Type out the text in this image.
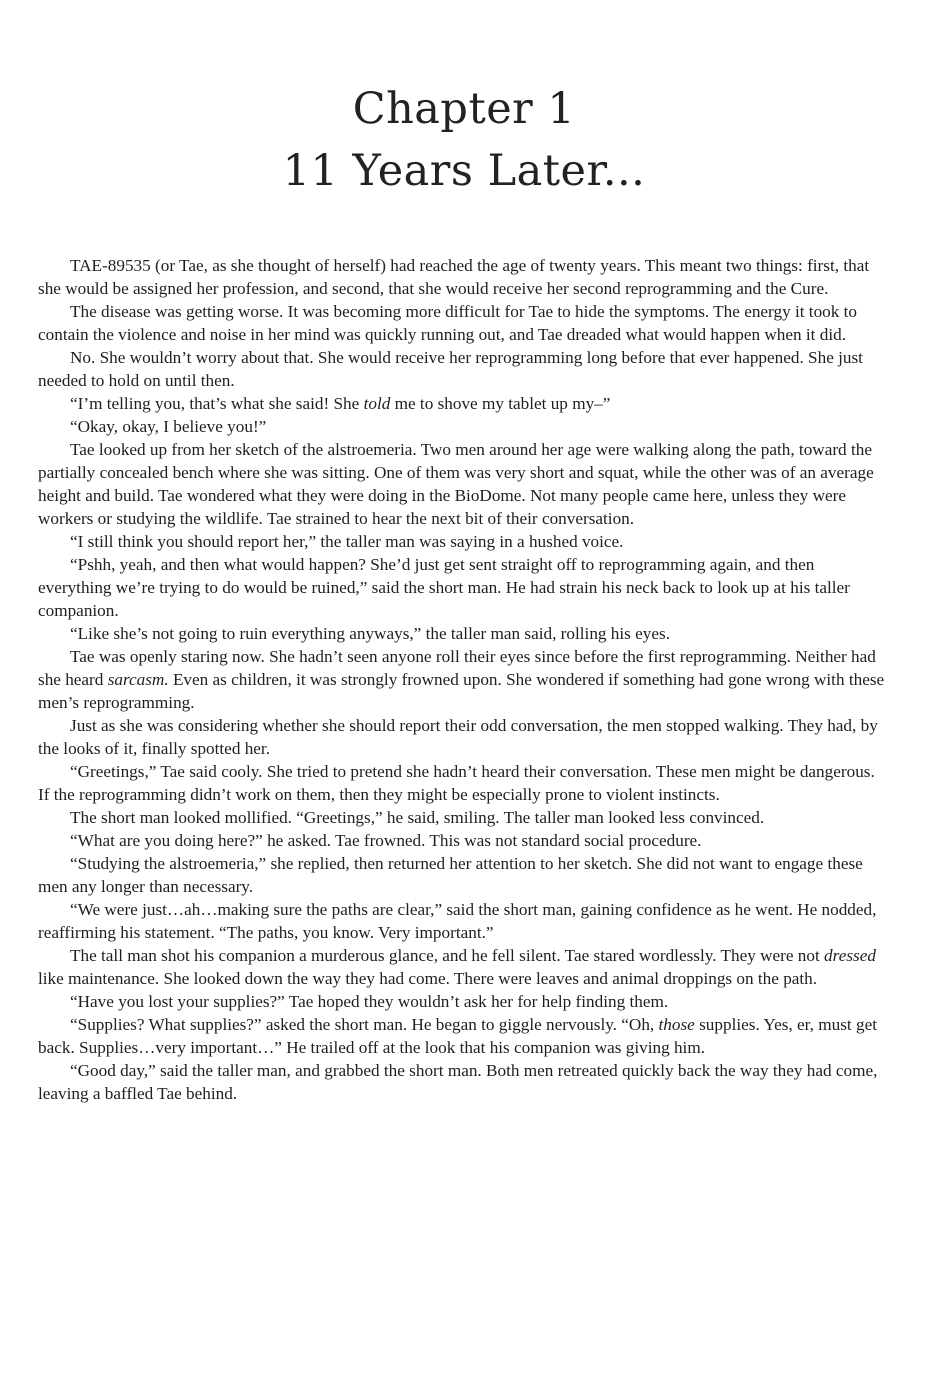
Chapter 1
11 Years Later...

TAE-89535 (or Tae, as she thought of herself) had reached the age of twenty years. This meant two things: first, that she would be assigned her profession, and second, that she would receive her second reprogramming and the Cure.

The disease was getting worse. It was becoming more difficult for Tae to hide the symptoms. The energy it took to contain the violence and noise in her mind was quickly running out, and Tae dreaded what would happen when it did.

No. She wouldn’t worry about that. She would receive her reprogramming long before that ever happened. She just needed to hold on until then.

“I’m telling you, that’s what she said! She told me to shove my tablet up my–”

“Okay, okay, I believe you!”

Tae looked up from her sketch of the alstroemeria. Two men around her age were walking along the path, toward the partially concealed bench where she was sitting. One of them was very short and squat, while the other was of an average height and build. Tae wondered what they were doing in the BioDome. Not many people came here, unless they were workers or studying the wildlife. Tae strained to hear the next bit of their conversation.

“I still think you should report her,” the taller man was saying in a hushed voice.

“Pshh, yeah, and then what would happen? She’d just get sent straight off to reprogramming again, and then everything we’re trying to do would be ruined,” said the short man. He had strain his neck back to look up at his taller companion.

“Like she’s not going to ruin everything anyways,” the taller man said, rolling his eyes.

Tae was openly staring now. She hadn’t seen anyone roll their eyes since before the first reprogramming. Neither had she heard sarcasm. Even as children, it was strongly frowned upon. She wondered if something had gone wrong with these men’s reprogramming.

Just as she was considering whether she should report their odd conversation, the men stopped walking. They had, by the looks of it, finally spotted her.

“Greetings,” Tae said cooly. She tried to pretend she hadn’t heard their conversation. These men might be dangerous. If the reprogramming didn’t work on them, then they might be especially prone to violent instincts.

The short man looked mollified. “Greetings,” he said, smiling. The taller man looked less convinced.

“What are you doing here?” he asked. Tae frowned. This was not standard social procedure.

“Studying the alstroemeria,” she replied, then returned her attention to her sketch. She did not want to engage these men any longer than necessary.

“We were just…ah…making sure the paths are clear,” said the short man, gaining confidence as he went. He nodded, reaffirming his statement. “The paths, you know. Very important.”

The tall man shot his companion a murderous glance, and he fell silent. Tae stared wordlessly. They were not dressed like maintenance. She looked down the way they had come. There were leaves and animal droppings on the path.

“Have you lost your supplies?” Tae hoped they wouldn’t ask her for help finding them.

“Supplies? What supplies?” asked the short man. He began to giggle nervously. “Oh, those supplies. Yes, er, must get back. Supplies…very important…” He trailed off at the look that his companion was giving him.

“Good day,” said the taller man, and grabbed the short man. Both men retreated quickly back the way they had come, leaving a baffled Tae behind.
